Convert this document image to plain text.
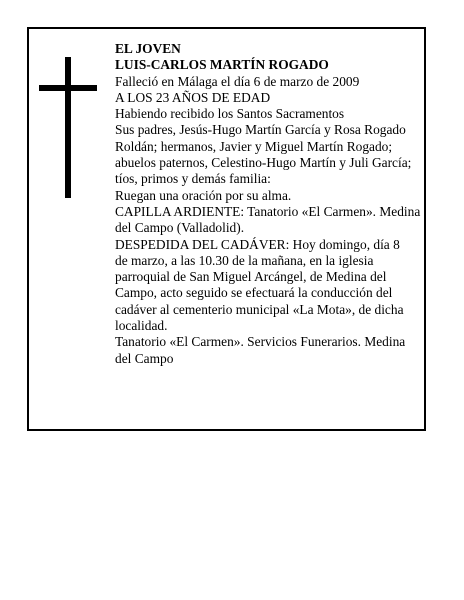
EL JOVEN
LUIS-CARLOS MARTÍN ROGADO
Falleció en Málaga el día 6 de marzo de 2009
A LOS 23 AÑOS DE EDAD
Habiendo recibido los Santos Sacramentos
Sus padres, Jesús-Hugo Martín García y Rosa Rogado
Roldán; hermanos, Javier y Miguel Martín Rogado;
abuelos paternos, Celestino-Hugo Martín y Juli García;
tíos, primos y demás familia:
Ruegan una oración por su alma.
CAPILLA ARDIENTE: Tanatorio «El Carmen». Medina
del Campo (Valladolid).
DESPEDIDA DEL CADÁVER: Hoy domingo, día 8
de marzo, a las 10.30 de la mañana, en la iglesia
parroquial de San Miguel Arcángel, de Medina del
Campo, acto seguido se efectuará la conducción del
cadáver al cementerio municipal «La Mota», de dicha
localidad.
Tanatorio «El Carmen». Servicios Funerarios. Medina
del Campo
